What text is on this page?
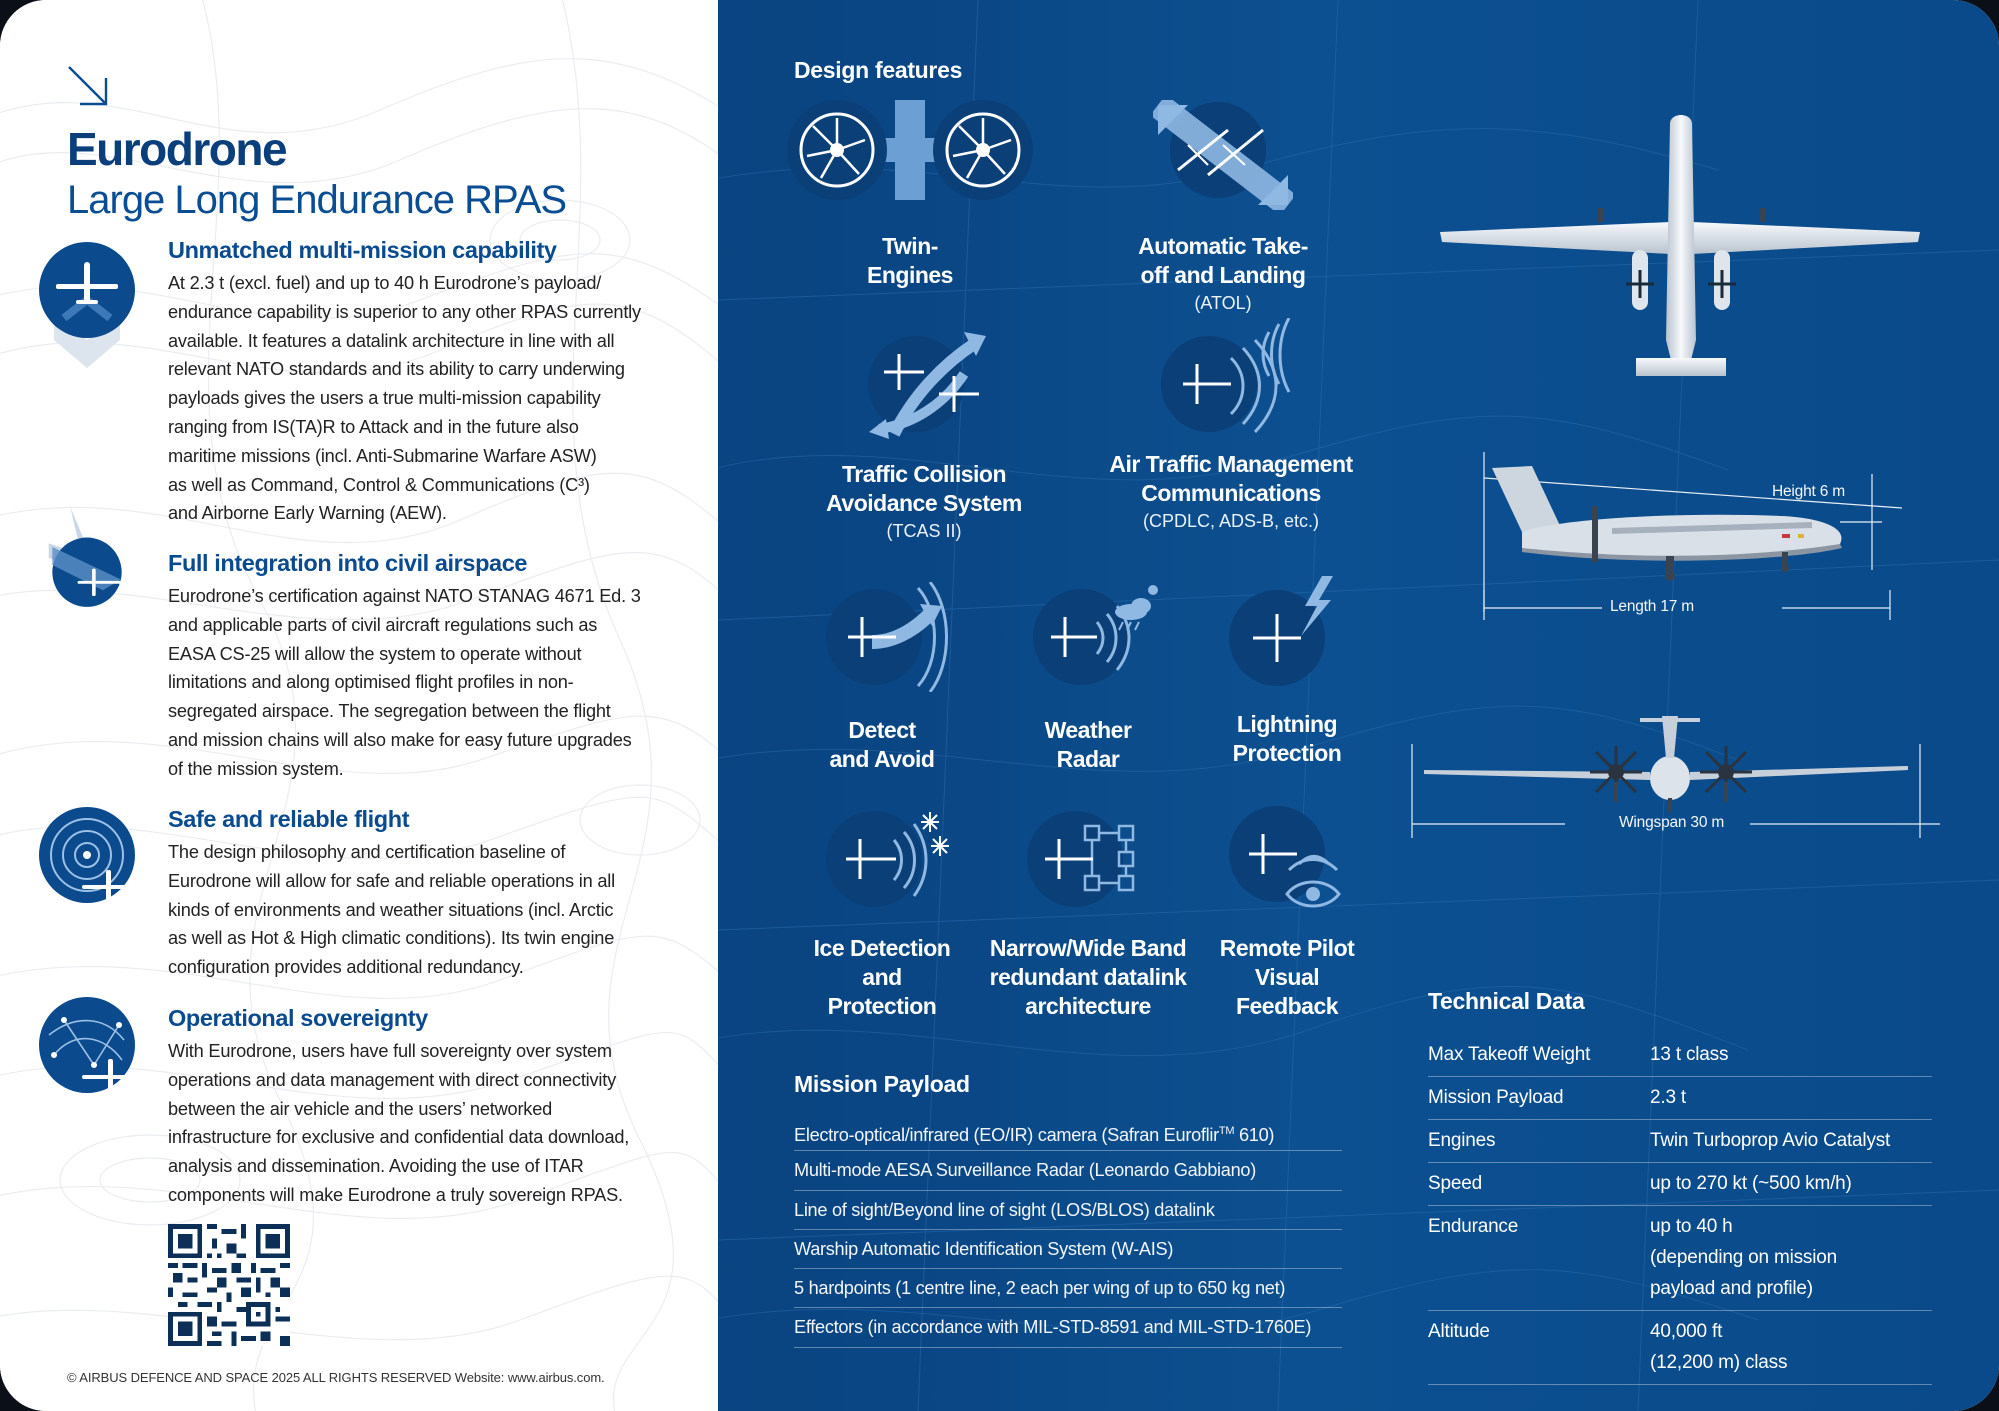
Eurodrone
Large Long Endurance RPAS
Unmatched multi-mission capability

At 2.3 t (excl. fuel) and up to 40 h Eurodrone’s payload/
endurance capability is superior to any other RPAS currently
available. It features a datalink architecture in line with all
relevant NATO standards and its ability to carry underwing
payloads gives the users a true multi-mission capability
ranging from IS(TA)R to Attack and in the future also
maritime missions (incl. Anti-Submarine Warfare ASW)
as well as Command, Control & Communications (C³)
and Airborne Early Warning (AEW).

Full integration into civil airspace

Eurodrone’s certification against NATO STANAG 4671 Ed. 3
and applicable parts of civil aircraft regulations such as
EASA CS-25 will allow the system to operate without
limitations and along optimised flight profiles in non-
segregated airspace. The segregation between the flight
and mission chains will also make for easy future upgrades
of the mission system.

Safe and reliable flight

The design philosophy and certification baseline of
Eurodrone will allow for safe and reliable operations in all
kinds of environments and weather situations (incl. Arctic
as well as Hot & High climatic conditions). Its twin engine
configuration provides additional redundancy.

Operational sovereignty

With Eurodrone, users have full sovereignty over system
operations and data management with direct connectivity
between the air vehicle and the users’ networked
infrastructure for exclusive and confidential data download,
analysis and dissemination. Avoiding the use of ITAR
components will make Eurodrone a truly sovereign RPAS.

© AIRBUS DEFENCE AND SPACE 2025 ALL RIGHTS RESERVED Website: www.airbus.com.
Design features
Twin-
Engines
Automatic Take-
off and Landing
(ATOL)
Traffic Collision
Avoidance System
(TCAS II)
Air Traffic Management
Communications
(CPDLC, ADS-B, etc.)
Detect
and Avoid
Weather
Radar
Lightning
Protection
Ice Detection
and
Protection
Narrow/Wide Band
redundant datalink
architecture
Remote Pilot
Visual
Feedback
Height 6 m
Length 17 m
Wingspan 30 m
Mission Payload
Electro-optical/infrared (EO/IR) camera (Safran Euroflir™ 610)
Multi-mode AESA Surveillance Radar (Leonardo Gabbiano)
Line of sight/Beyond line of sight (LOS/BLOS) datalink
Warship Automatic Identification System (W-AIS)
5 hardpoints (1 centre line, 2 each per wing of up to 650 kg net)
Effectors (in accordance with MIL-STD-8591 and MIL-STD-1760E)
Technical Data
Max Takeoff Weight	13 t class
Mission Payload	2.3 t
Engines	Twin Turboprop Avio Catalyst
Speed	up to 270 kt (~500 km/h)
Endurance	up to 40 h
(depending on mission
payload and profile)
Altitude	40,000 ft
(12,200 m) class
